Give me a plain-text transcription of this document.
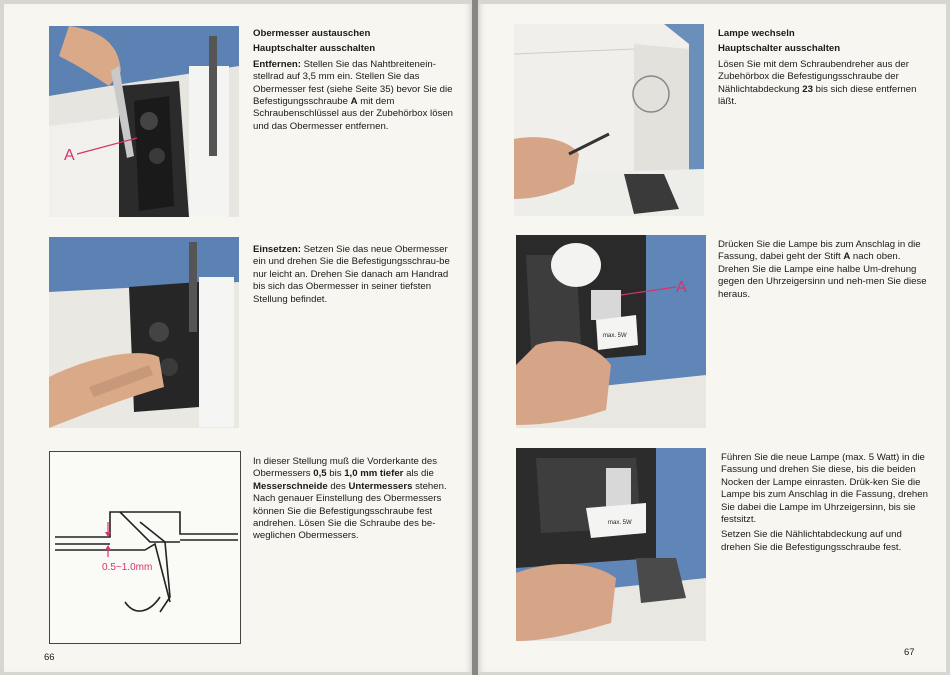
A

Obermesser austauschen

Hauptschalter ausschalten

Entfernen: Stellen Sie das Nahtbreitenein-stellrad auf 3,5 mm ein. Stellen Sie das Obermesser fest (siehe Seite 35) bevor Sie die Befestigungsschraube A mit dem Schraubenschlüssel aus der Zubehörbox lösen und das Obermesser entfernen.

Einsetzen: Setzen Sie das neue Obermesser ein und drehen Sie die Befestigungsschrau-be nur leicht an. Drehen Sie danach am Handrad bis sich das Obermesser in seiner tiefsten Stellung befindet.

0.5~1.0mm

In dieser Stellung muß die Vorderkante des Obermessers 0,5 bis 1,0 mm tiefer als die Messerschneide des Untermessers stehen. Nach genauer Einstellung des Obermessers können Sie die Befestigungsschraube fest andrehen. Lösen Sie die Schraube des be-weglichen Obermessers.

66

Lampe wechseln

Hauptschalter ausschalten

Lösen Sie mit dem Schraubendreher aus der Zubehörbox die Befestigungsschraube der Nählichtabdeckung 23 bis sich diese entfernen läßt.

max. 5W
A

Drücken Sie die Lampe bis zum Anschlag in die Fassung, dabei geht der Stift A nach oben. Drehen Sie die Lampe eine halbe Um-drehung gegen den Uhrzeigersinn und neh-men Sie diese heraus.

max. 5W

Führen Sie die neue Lampe (max. 5 Watt) in die Fassung und drehen Sie diese, bis die beiden Nocken der Lampe einrasten. Drük-ken Sie die Lampe bis zum Anschlag in die Fassung, drehen Sie dabei die Lampe im Uhrzeigersinn, bis sie festsitzt.

Setzen Sie die Nählichtabdeckung auf und drehen Sie die Befestigungsschraube fest.

67
